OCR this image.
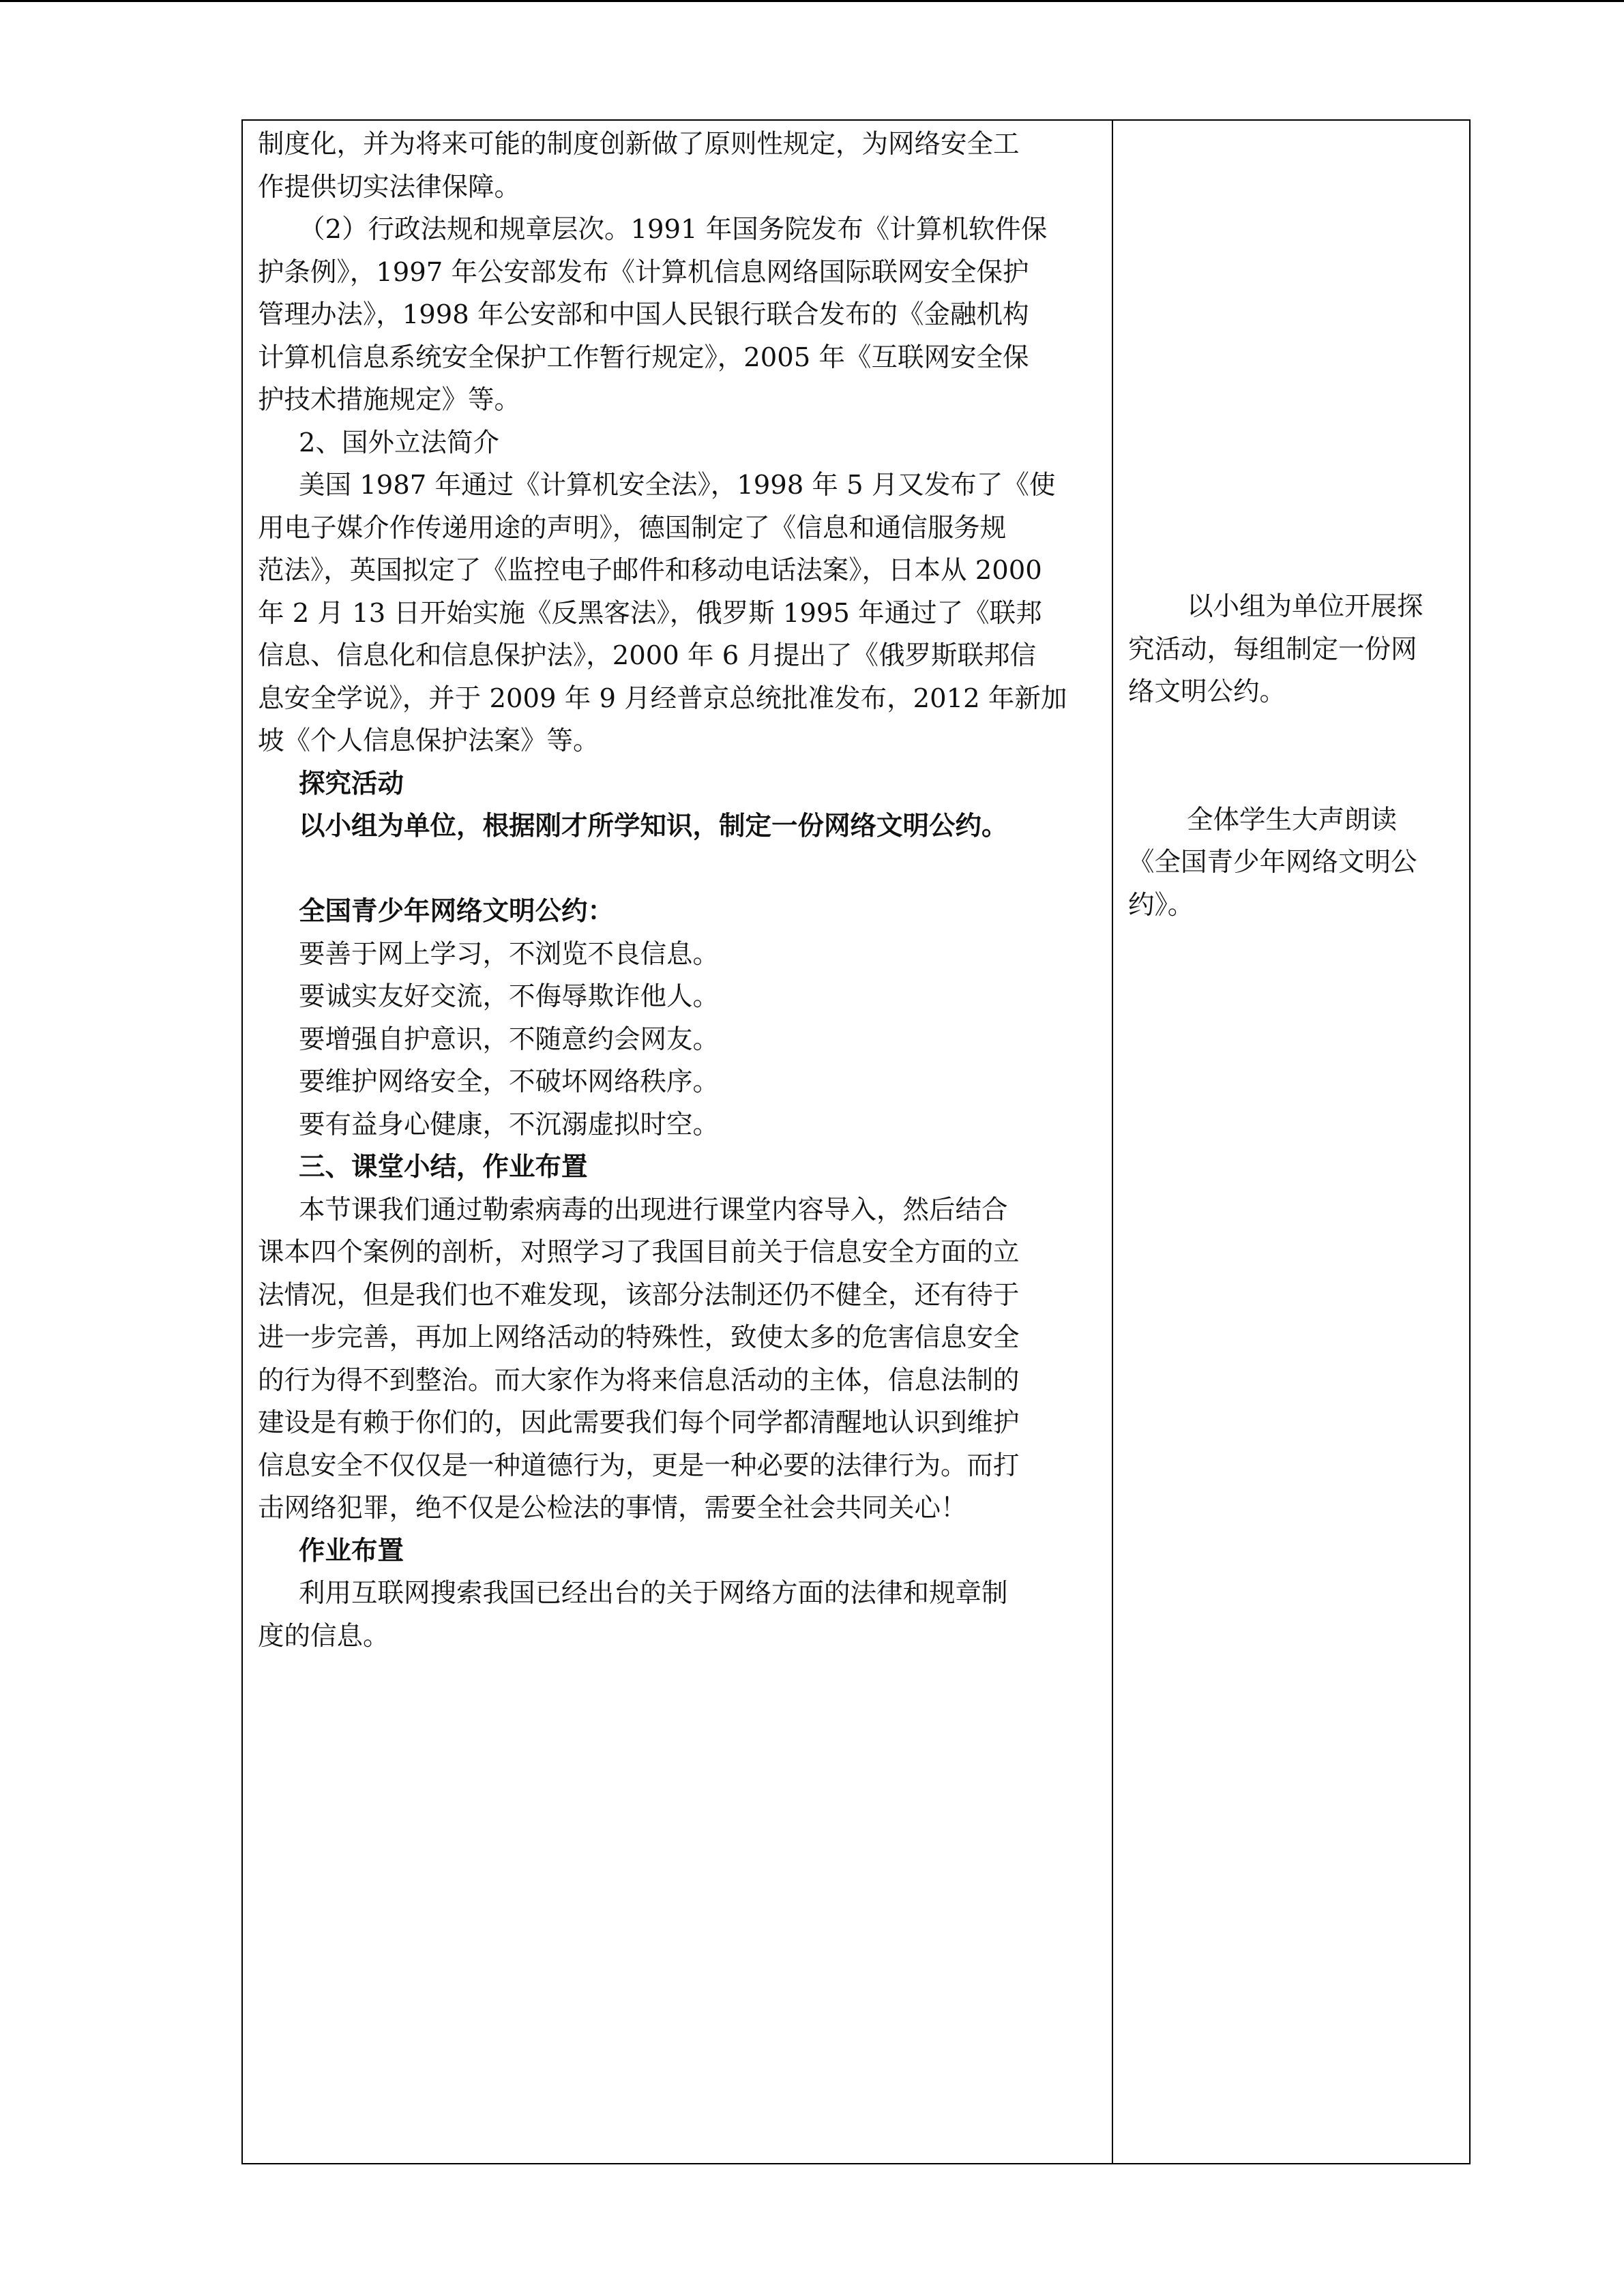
制度化，并为将来可能的制度创新做了原则性规定，为网络安全工
作提供切实法律保障。
（2）行政法规和规章层次。1991 年国务院发布《计算机软件保
护条例》，1997 年公安部发布《计算机信息网络国际联网安全保护
管理办法》，1998 年公安部和中国人民银行联合发布的《金融机构
计算机信息系统安全保护工作暂行规定》，2005 年《互联网安全保
护技术措施规定》等。
2、国外立法简介
美国 1987 年通过《计算机安全法》，1998 年 5 月又发布了《使
用电子媒介作传递用途的声明》，德国制定了《信息和通信服务规
范法》，英国拟定了《监控电子邮件和移动电话法案》，日本从 2000
年 2 月 13 日开始实施《反黑客法》，俄罗斯 1995 年通过了《联邦
信息、信息化和信息保护法》，2000 年 6 月提出了《俄罗斯联邦信
息安全学说》，并于 2009 年 9 月经普京总统批准发布，2012 年新加
坡《个人信息保护法案》等。
探究活动
以小组为单位，根据刚才所学知识，制定一份网络文明公约。
全国青少年网络文明公约：
要善于网上学习，不浏览不良信息。
要诚实友好交流，不侮辱欺诈他人。
要增强自护意识，不随意约会网友。
要维护网络安全，不破坏网络秩序。
要有益身心健康，不沉溺虚拟时空。
三、课堂小结，作业布置
本节课我们通过勒索病毒的出现进行课堂内容导入，然后结合
课本四个案例的剖析，对照学习了我国目前关于信息安全方面的立
法情况，但是我们也不难发现，该部分法制还仍不健全，还有待于
进一步完善，再加上网络活动的特殊性，致使太多的危害信息安全
的行为得不到整治。而大家作为将来信息活动的主体，信息法制的
建设是有赖于你们的，因此需要我们每个同学都清醒地认识到维护
信息安全不仅仅是一种道德行为，更是一种必要的法律行为。而打
击网络犯罪，绝不仅是公检法的事情，需要全社会共同关心！
作业布置
利用互联网搜索我国已经出台的关于网络方面的法律和规章制
度的信息。
以小组为单位开展探
究活动，每组制定一份网
络文明公约。
全体学生大声朗读
《全国青少年网络文明公
约》。
